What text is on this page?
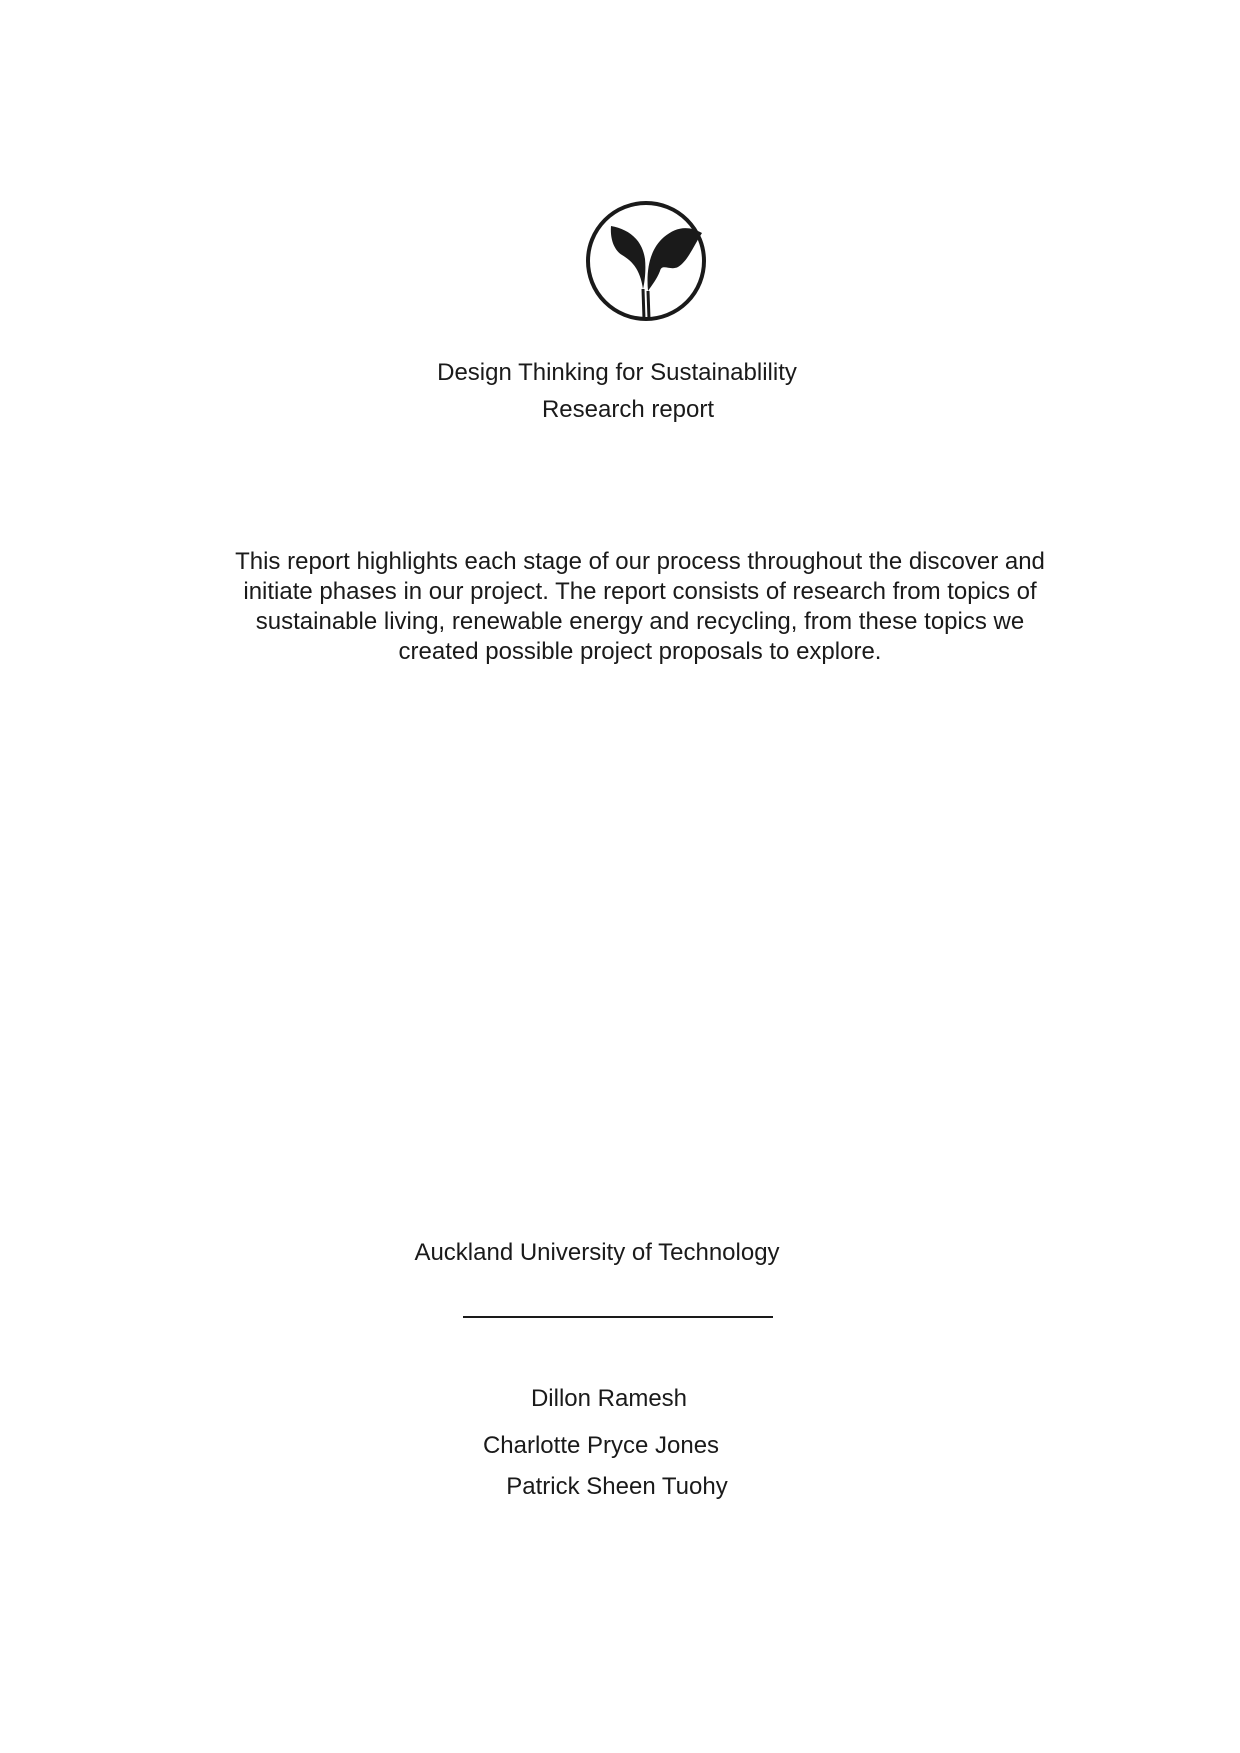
Design Thinking for Sustainablility
Research report
This report highlights each stage of our process throughout the discover and initiate phases in our project. The report consists of research from topics of sustainable living, renewable energy and recycling, from these topics we created possible project proposals to explore.
Auckland University of Technology
Dillon Ramesh
Charlotte Pryce Jones
Patrick Sheen Tuohy
